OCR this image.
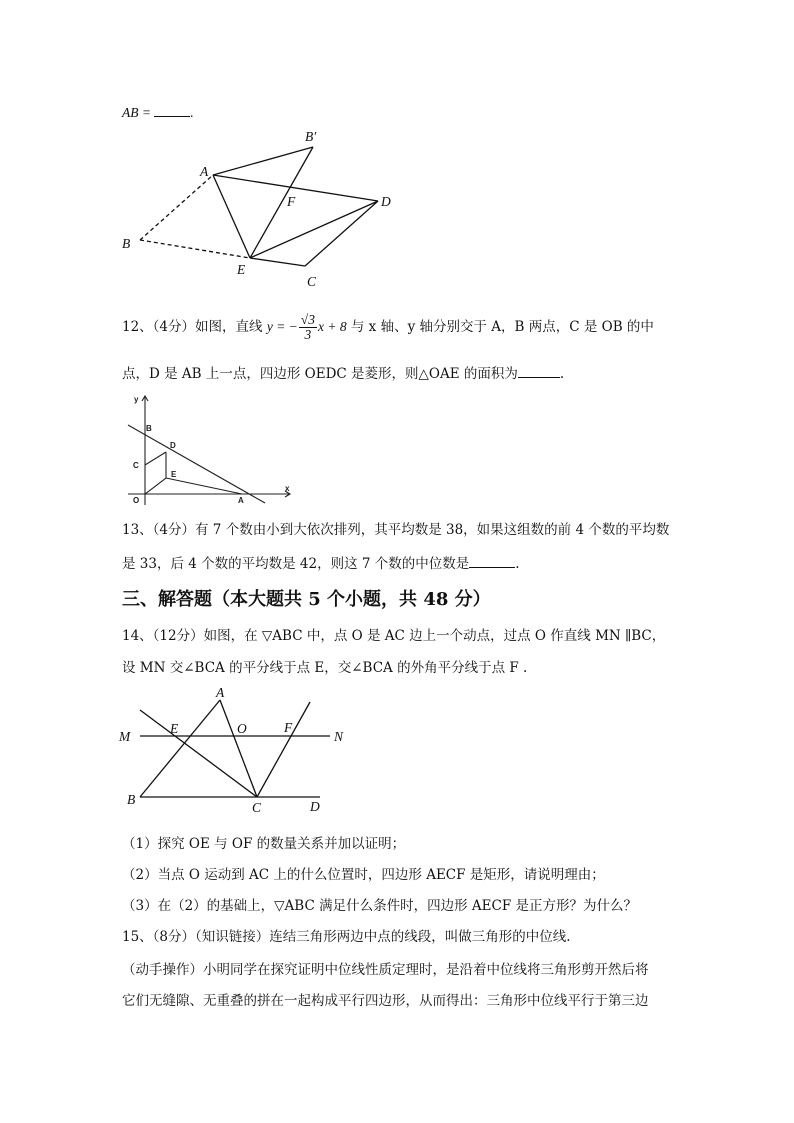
AB =	.
B′
A
F	D
B
E
C
y
B
D
C
E
O	A
x
A
M
E	O	F
N
B
C	D
12、（4分）如图，直线 y = − $\frac{√3}{3}$ x + 8 与 x 轴、y 轴分别交于 A，B 两点，C 是 OB 的中
点，D 是 AB 上一点，四边形 OEDC 是菱形，则△OAE 的面积为	.
13、（4分）有 7 个数由小到大依次排列，其平均数是 38，如果这组数的前 4 个数的平均数
是 33，后 4 个数的平均数是 42，则这 7 个数的中位数是	.
三、解答题（本大题共 5 个小题，共 48 分）
14、（12分）如图，在 ▽ABC 中，点 O 是 AC 边上一个动点，过点 O 作直线 MN ∥BC，
设 MN 交∠BCA 的平分线于点 E，交∠BCA 的外角平分线于点 F .
（1）探究 OE 与 OF 的数量关系并加以证明；
（2）当点 O 运动到 AC 上的什么位置时，四边形 AECF 是矩形，请说明理由；
（3）在（2）的基础上，▽ABC 满足什么条件时，四边形 AECF 是正方形？为什么？
15、（8分）（知识链接）连结三角形两边中点的线段，叫做三角形的中位线.
（动手操作）小明同学在探究证明中位线性质定理时，是沿着中位线将三角形剪开然后将
它们无缝隙、无重叠的拼在一起构成平行四边形，从而得出：三角形中位线平行于第三边
